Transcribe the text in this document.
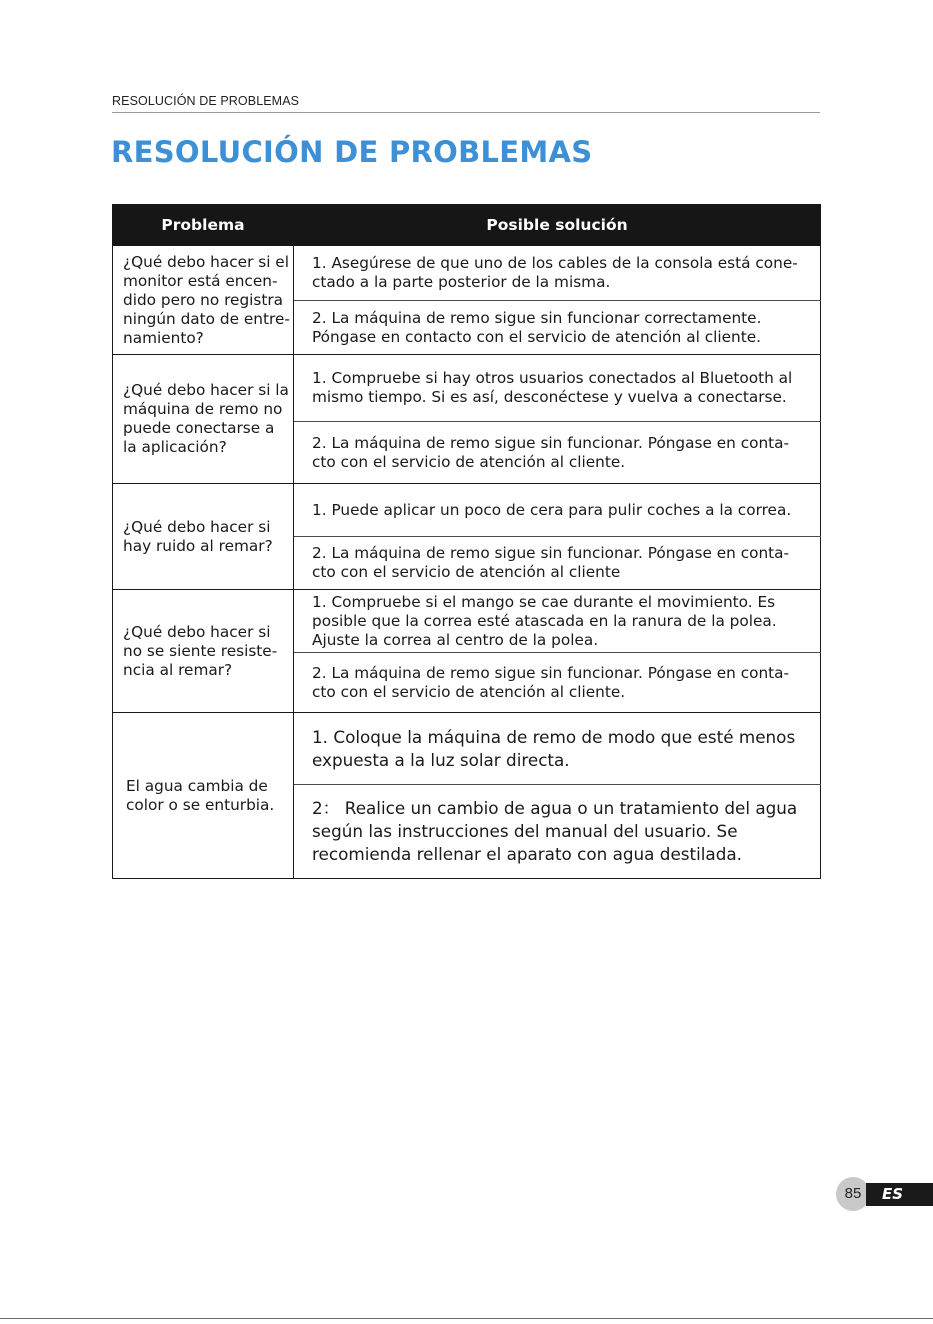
RESOLUCIÓN DE PROBLEMAS
RESOLUCIÓN DE PROBLEMAS
Problema	Posible solución
¿Qué debo hacer si el monitor está encen- dido pero no registra ningún dato de entre- namiento?	1. Asegúrese de que uno de los cables de la consola está cone- ctado a la parte posterior de la misma.
	2. La máquina de remo sigue sin funcionar correctamente. Póngase en contacto con el servicio de atención al cliente.
¿Qué debo hacer si la máquina de remo no puede conectarse a la aplicación?	1. Compruebe si hay otros usuarios conectados al Bluetooth al mismo tiempo. Si es así, desconéctese y vuelva a conectarse.
	2. La máquina de remo sigue sin funcionar. Póngase en conta- cto con el servicio de atención al cliente.
¿Qué debo hacer si hay ruido al remar?	1. Puede aplicar un poco de cera para pulir coches a la correa.
	2. La máquina de remo sigue sin funcionar. Póngase en conta- cto con el servicio de atención al cliente
¿Qué debo hacer si no se siente resiste- ncia al remar?	1. Compruebe si el mango se cae durante el movimiento. Es posible que la correa esté atascada en la ranura de la polea. Ajuste la correa al centro de la polea.
	2. La máquina de remo sigue sin funcionar. Póngase en conta- cto con el servicio de atención al cliente.
El agua cambia de color o se enturbia.	1. Coloque la máquina de remo de modo que esté menos expuesta a la luz solar directa.
	2： Realice un cambio de agua o un tratamiento del agua según las instrucciones del manual del usuario. Se recomienda rellenar el aparato con agua destilada.
85	ES
